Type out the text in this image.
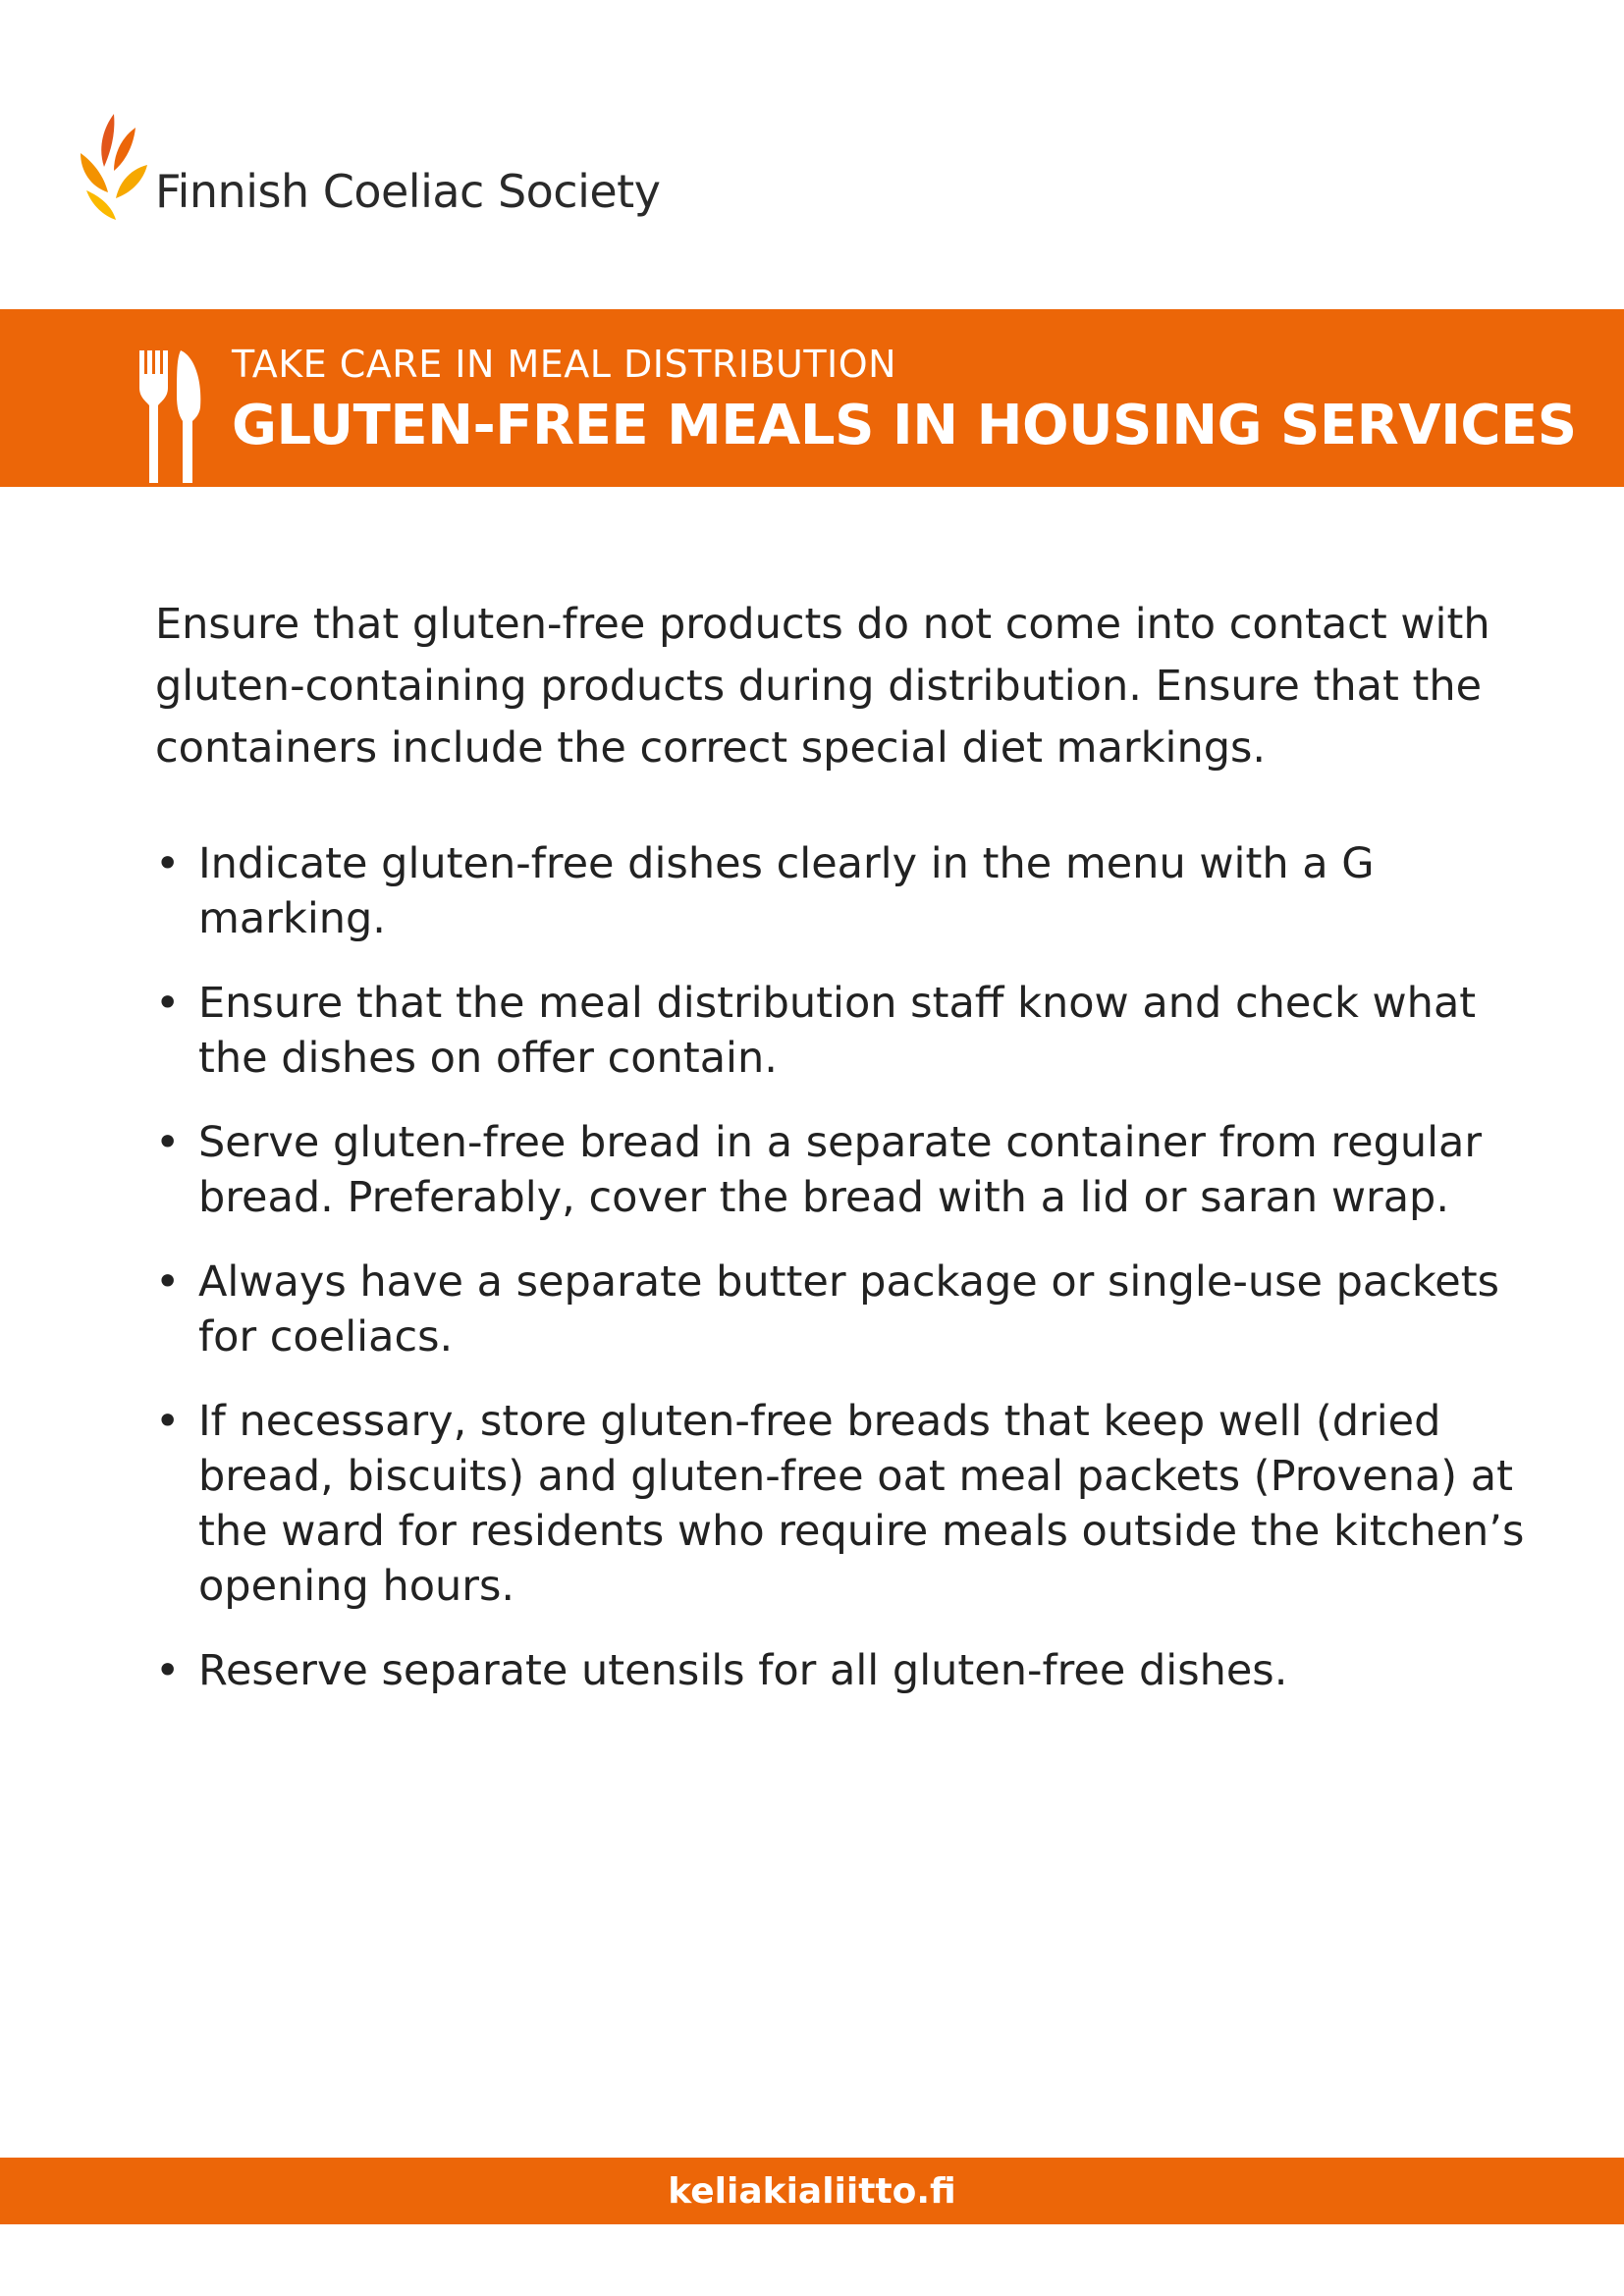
Finnish Coeliac Society
TAKE CARE IN MEAL DISTRIBUTION
GLUTEN-FREE MEALS IN HOUSING SERVICES

Ensure that gluten-free products do not come into contact with gluten-containing products during distribution. Ensure that the containers include the correct special diet markings.

• Indicate gluten-free dishes clearly in the menu with a G marking.
• Ensure that the meal distribution staff know and check what the dishes on offer contain.
• Serve gluten-free bread in a separate container from regular bread. Preferably, cover the bread with a lid or saran wrap.
• Always have a separate butter package or single-use packets for coeliacs.
• If necessary, store gluten-free breads that keep well (dried bread, biscuits) and gluten-free oat meal packets (Provena) at the ward for residents who require meals outside the kitchen’s opening hours.
• Reserve separate utensils for all gluten-free dishes.
keliakialiitto.fi
